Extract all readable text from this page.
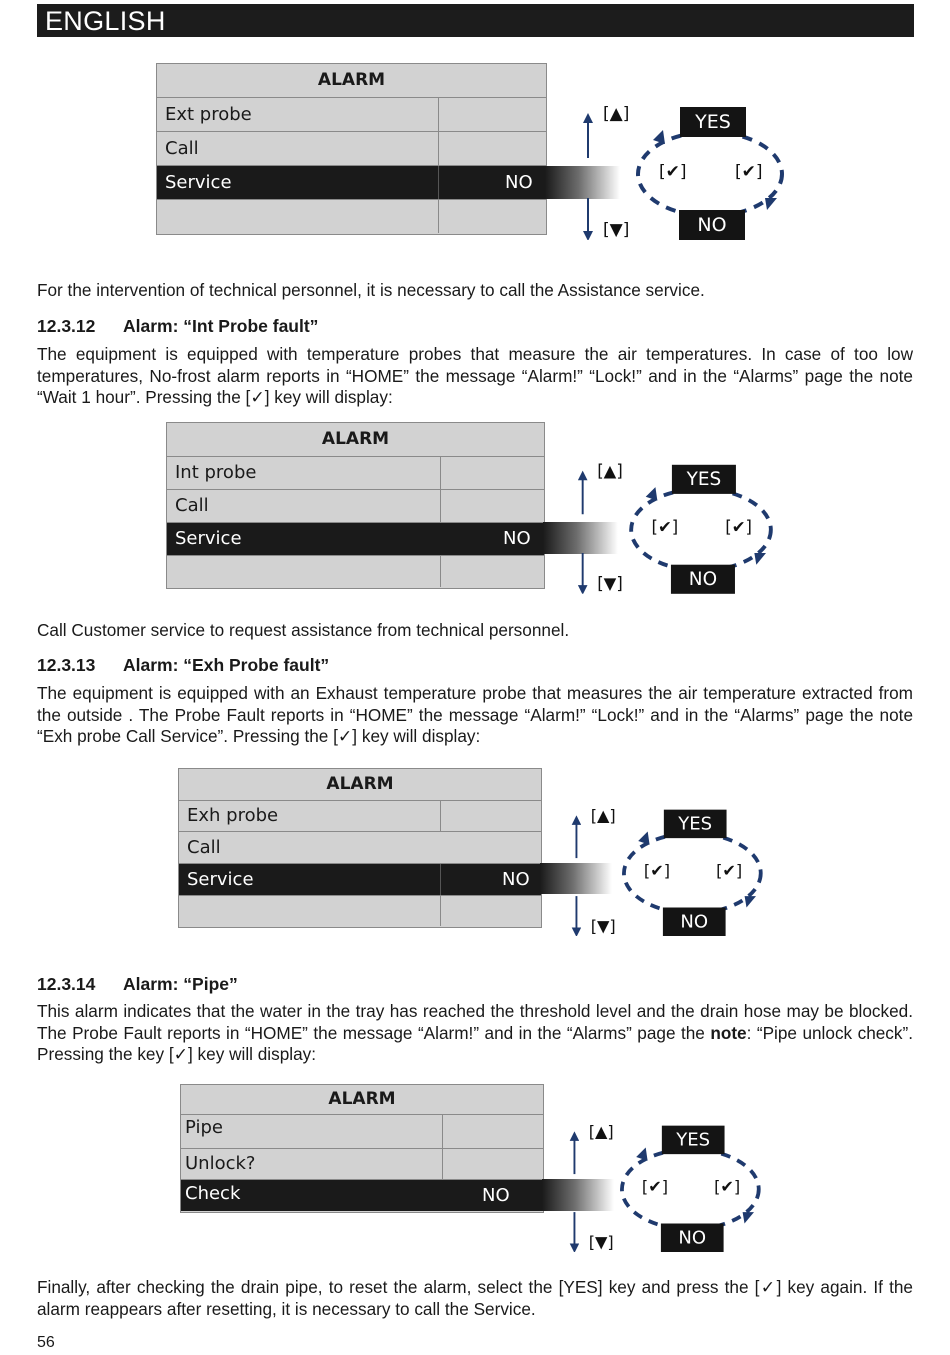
ENGLISH
ALARM
Ext probe
Call
Service	NO
ALARM
Int probe
Call
Service	NO
ALARM
Exh probe
Call
Service	NO
ALARM
Pipe
Unlock?
Check	NO
[▲]
[▼]
[✔]	[✔]
YES
NO
[▲]
[▼]
[✔]	[✔]
YES
NO
[▲]
[▼]
[✔]	[✔]
YES
NO
[▲]
[▼]
[✔]	[✔]
YES
NO

For the intervention of technical personnel, it is necessary to call the Assistance service.

12.3.12 Alarm: “Int Probe fault”

The equipment is equipped with temperature probes that measure the air temperatures. In case of too low temperatures, No-frost alarm reports in “HOME” the message “Alarm!” “Lock!” and in the “Alarms” page the note “Wait 1 hour”. Pressing the [✓] key will display:

Call Customer service to request assistance from technical personnel.

12.3.13 Alarm: “Exh Probe fault”

The equipment is equipped with an Exhaust temperature probe that measures the air temperature extracted from the outside . The Probe Fault reports in “HOME” the message “Alarm!” “Lock!” and in the “Alarms” page the note “Exh probe Call Service”. Pressing the [✓] key will display:

12.3.14 Alarm: “Pipe”

This alarm indicates that the water in the tray has reached the threshold level and the drain hose may be blocked. The Probe Fault reports in “HOME” the message “Alarm!” and in the “Alarms” page the note: “Pipe unlock check”. Pressing the key [✓] key will display:

Finally, after checking the drain pipe, to reset the alarm, select the [YES] key and press the [✓] key again. If the alarm reappears after resetting, it is necessary to call the Service.

56
